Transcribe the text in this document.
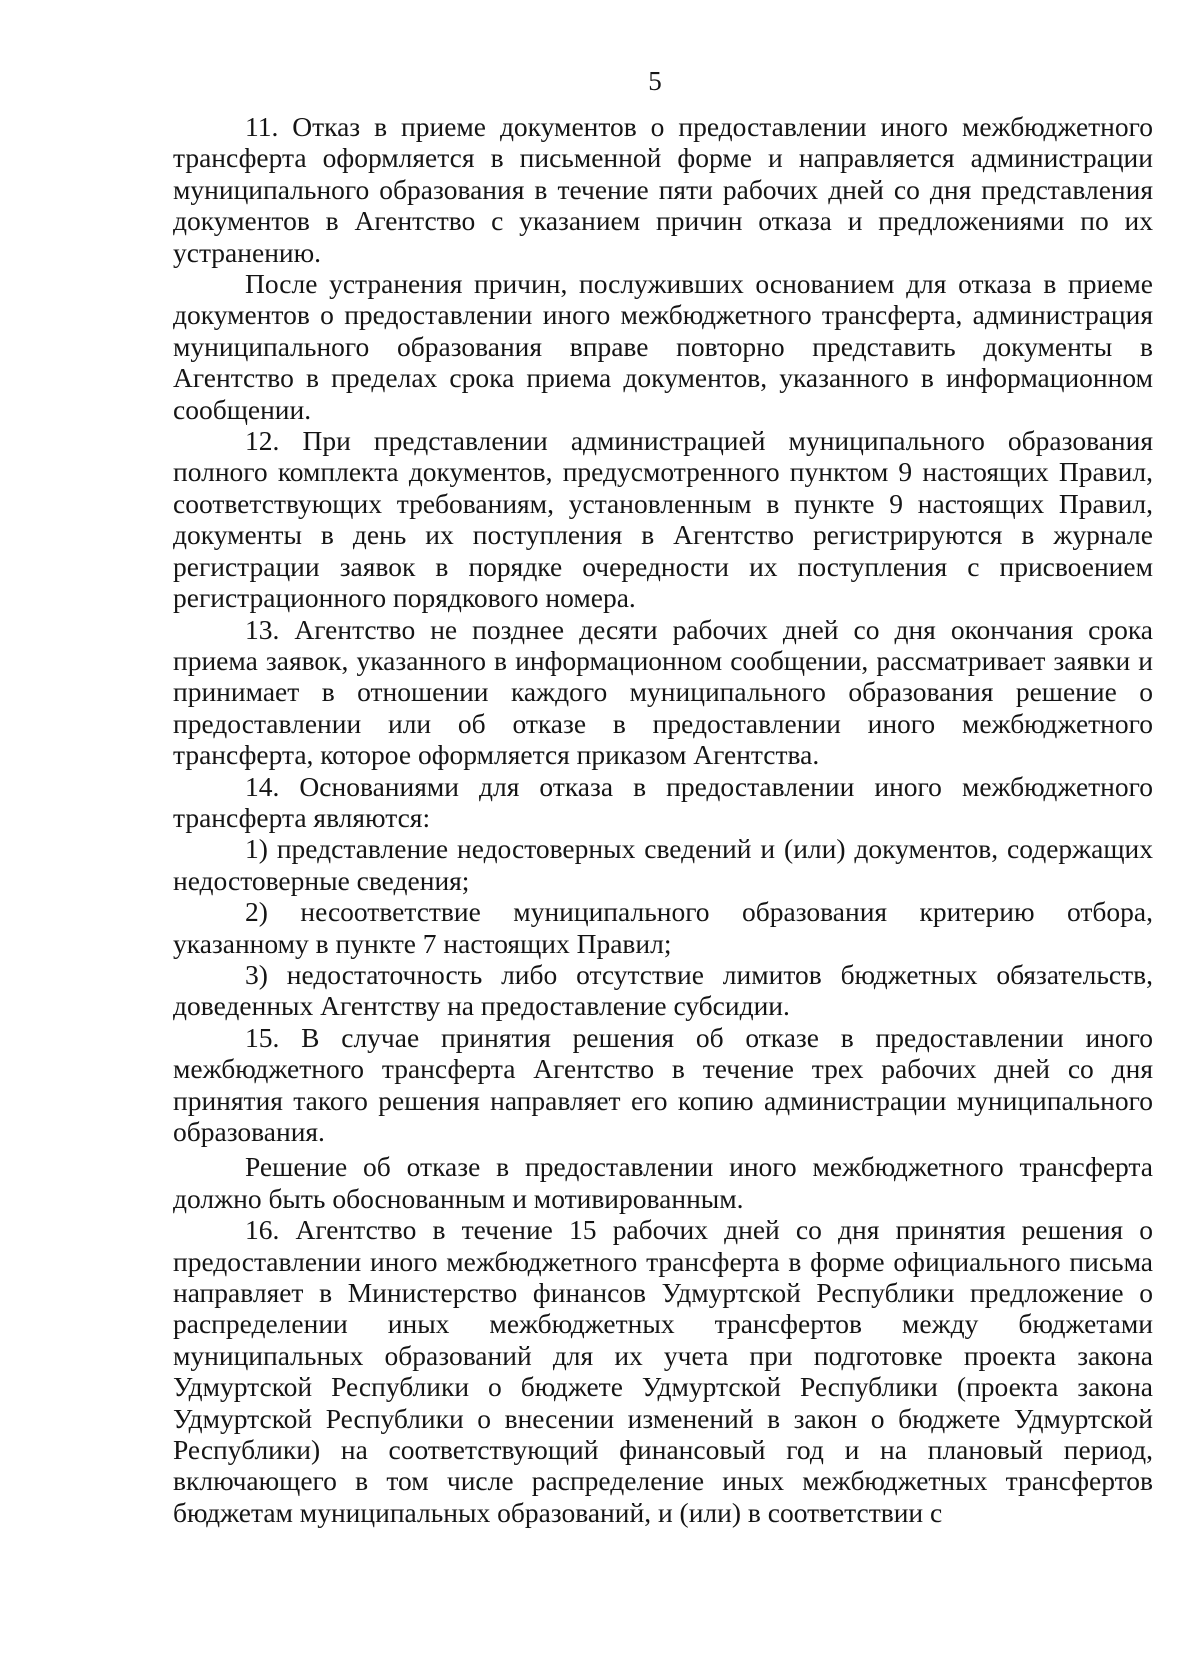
5

11. Отказ в приеме документов о предоставлении иного межбюджетного трансферта оформляется в письменной форме и направляется администрации муниципального образования в течение пяти рабочих дней со дня представления документов в Агентство с указанием причин отказа и предложениями по их устранению.

После устранения причин, послуживших основанием для отказа в приеме документов о предоставлении иного межбюджетного трансферта, администрация муниципального образования вправе повторно представить документы в Агентство в пределах срока приема документов, указанного в информационном сообщении.

12. При представлении администрацией муниципального образования полного комплекта документов, предусмотренного пунктом 9 настоящих Правил, соответствующих требованиям, установленным в пункте 9 настоящих Правил, документы в день их поступления в Агентство регистрируются в журнале регистрации заявок в порядке очередности их поступления с присвоением регистрационного порядкового номера.

13. Агентство не позднее десяти рабочих дней со дня окончания срока приема заявок, указанного в информационном сообщении, рассматривает заявки и принимает в отношении каждого муниципального образования решение о предоставлении или об отказе в предоставлении иного межбюджетного трансферта, которое оформляется приказом Агентства.

14. Основаниями для отказа в предоставлении иного межбюджетного трансферта являются:

1) представление недостоверных сведений и (или) документов, содержащих недостоверные сведения;

2) несоответствие муниципального образования критерию отбора, указанному в пункте 7 настоящих Правил;

3) недостаточность либо отсутствие лимитов бюджетных обязательств, доведенных Агентству на предоставление субсидии.

15. В случае принятия решения об отказе в предоставлении иного межбюджетного трансферта Агентство в течение трех рабочих дней со дня принятия такого решения направляет его копию администрации муниципального образования.

Решение об отказе в предоставлении иного межбюджетного трансферта должно быть обоснованным и мотивированным.

16. Агентство в течение 15 рабочих дней со дня принятия решения о предоставлении иного межбюджетного трансферта в форме официального письма направляет в Министерство финансов Удмуртской Республики предложение о распределении иных межбюджетных трансфертов между бюджетами муниципальных образований для их учета при подготовке проекта закона Удмуртской Республики о бюджете Удмуртской Республики (проекта закона Удмуртской Республики о внесении изменений в закон о бюджете Удмуртской Республики) на соответствующий финансовый год и на плановый период, включающего в том числе распределение иных межбюджетных трансфертов бюджетам муниципальных образований, и (или) в соответствии с
